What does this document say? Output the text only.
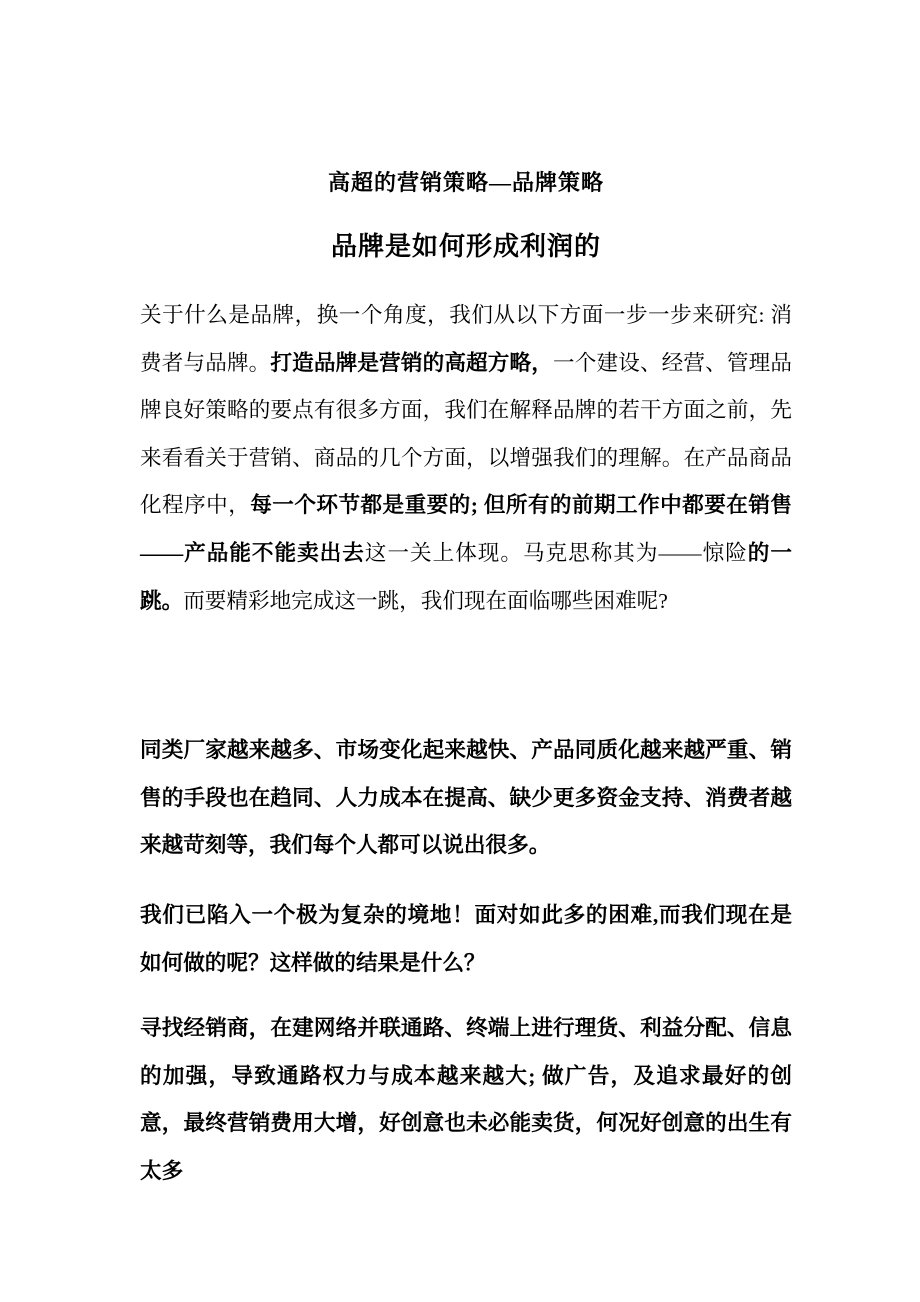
高超的营销策略—品牌策略
品牌是如何形成利润的

关于什么是品牌，换一个角度，我们从以下方面一步一步来研究: 消费者与品牌。打造品牌是营销的高超方略，一个建设、经营、管理品牌良好策略的要点有很多方面，我们在解释品牌的若干方面之前，先来看看关于营销、商品的几个方面，以增强我们的理解。在产品商品化程序中，每一个环节都是重要的; 但所有的前期工作中都要在销售——产品能不能卖出去这一关上体现。马克思称其为——惊险的一跳。而要精彩地完成这一跳，我们现在面临哪些困难呢?

同类厂家越来越多、市场变化起来越快、产品同质化越来越严重、销售的手段也在趋同、人力成本在提高、缺少更多资金支持、消费者越来越苛刻等，我们每个人都可以说出很多。

我们已陷入一个极为复杂的境地！面对如此多的困难,而我们现在是如何做的呢？这样做的结果是什么？

寻找经销商，在建网络并联通路、终端上进行理货、利益分配、信息的加强，导致通路权力与成本越来越大; 做广告，及追求最好的创意，最终营销费用大增，好创意也未必能卖货，何况好创意的出生有太多
